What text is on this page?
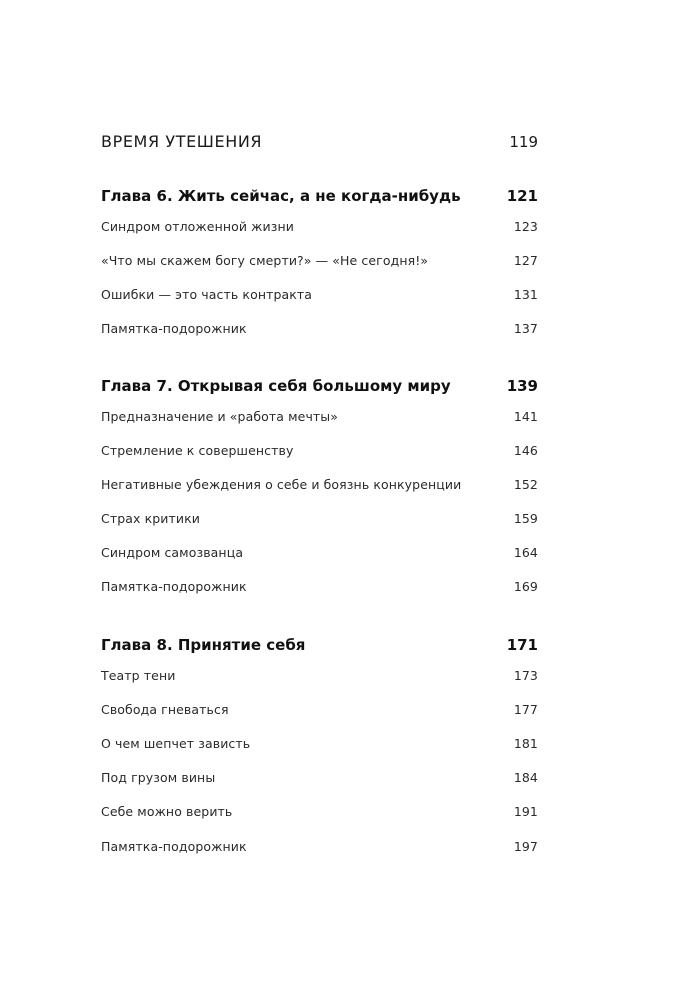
ВРЕМЯ УТЕШЕНИЯ	119
Глава 6. Жить сейчас, а не когда-нибудь	121
Синдром отложенной жизни	123
«Что мы скажем богу смерти?» — «Не сегодня!»	127
Ошибки — это часть контракта	131
Памятка-подорожник	137
Глава 7. Открывая себя большому миру	139
Предназначение и «работа мечты»	141
Стремление к совершенству	146
Негативные убеждения о себе и боязнь конкуренции	152
Страх критики	159
Синдром самозванца	164
Памятка-подорожник	169
Глава 8. Принятие себя	171
Театр тени	173
Свобода гневаться	177
О чем шепчет зависть	181
Под грузом вины	184
Себе можно верить	191
Памятка-подорожник	197
